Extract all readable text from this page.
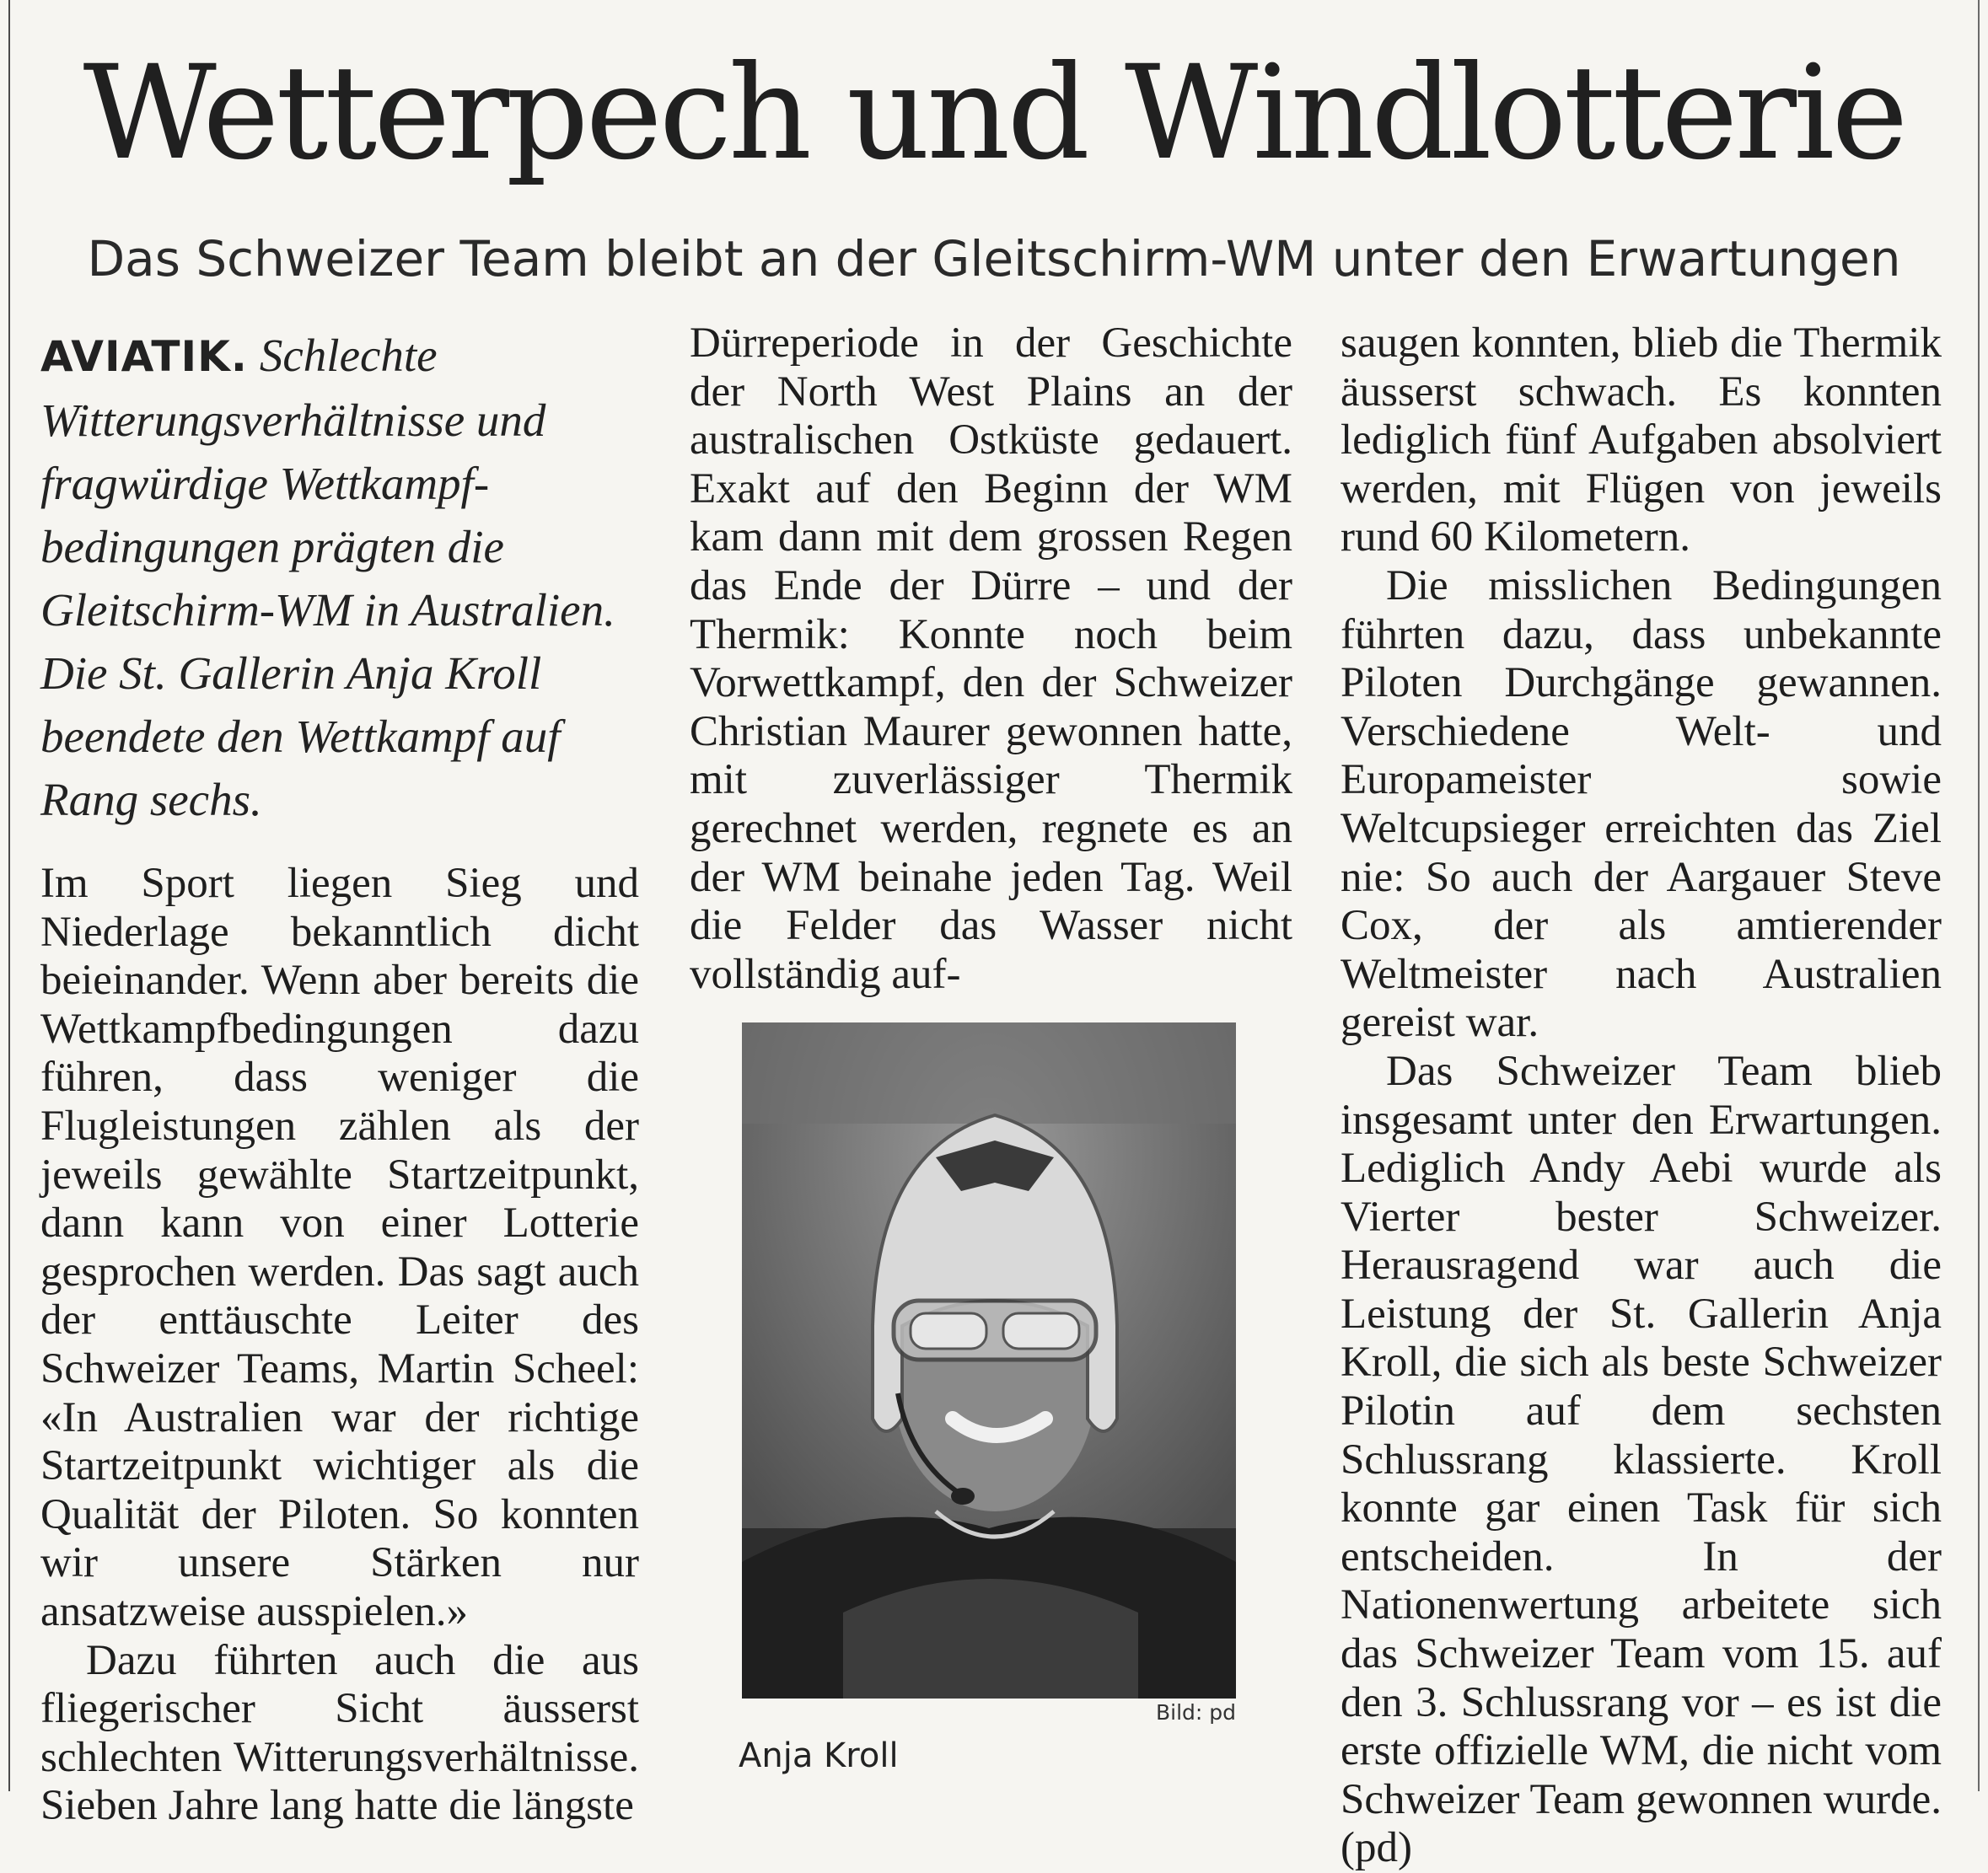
Wetterpech und Windlotterie
Das Schweizer Team bleibt an der Gleitschirm-WM unter den Erwartungen
AVIATIK. Schlechte Witterungsverhältnisse und fragwürdige Wettkampf-bedingungen prägten die Gleitschirm-WM in Australien. Die St. Gallerin Anja Kroll beendete den Wettkampf auf Rang sechs.

Im Sport liegen Sieg und Niederlage bekanntlich dicht beieinander. Wenn aber bereits die Wettkampfbedingungen dazu führen, dass weniger die Flugleistungen zählen als der jeweils gewählte Startzeitpunkt, dann kann von einer Lotterie gesprochen werden. Das sagt auch der enttäuschte Leiter des Schweizer Teams, Martin Scheel: «In Australien war der richtige Startzeitpunkt wichtiger als die Qualität der Piloten. So konnten wir unsere Stärken nur ansatzweise ausspielen.»

Dazu führten auch die aus fliegerischer Sicht äusserst schlechten Witterungsverhältnisse. Sieben Jahre lang hatte die längste

Dürreperiode in der Geschichte der North West Plains an der australischen Ostküste gedauert. Exakt auf den Beginn der WM kam dann mit dem grossen Regen das Ende der Dürre – und der Thermik: Konnte noch beim Vorwettkampf, den der Schweizer Christian Maurer gewonnen hatte, mit zuverlässiger Thermik gerechnet werden, regnete es an der WM beinahe jeden Tag. Weil die Felder das Wasser nicht vollständig auf-

Bild: pd
Anja Kroll

saugen konnten, blieb die Thermik äusserst schwach. Es konnten lediglich fünf Aufgaben absolviert werden, mit Flügen von jeweils rund 60 Kilometern.

Die misslichen Bedingungen führten dazu, dass unbekannte Piloten Durchgänge gewannen. Verschiedene Welt- und Europameister sowie Weltcupsieger erreichten das Ziel nie: So auch der Aargauer Steve Cox, der als amtierender Weltmeister nach Australien gereist war.

Das Schweizer Team blieb insgesamt unter den Erwartungen. Lediglich Andy Aebi wurde als Vierter bester Schweizer. Herausragend war auch die Leistung der St. Gallerin Anja Kroll, die sich als beste Schweizer Pilotin auf dem sechsten Schlussrang klassierte. Kroll konnte gar einen Task für sich entscheiden. In der Nationenwertung arbeitete sich das Schweizer Team vom 15. auf den 3. Schlussrang vor – es ist die erste offizielle WM, die nicht vom Schweizer Team gewonnen wurde. (pd)
